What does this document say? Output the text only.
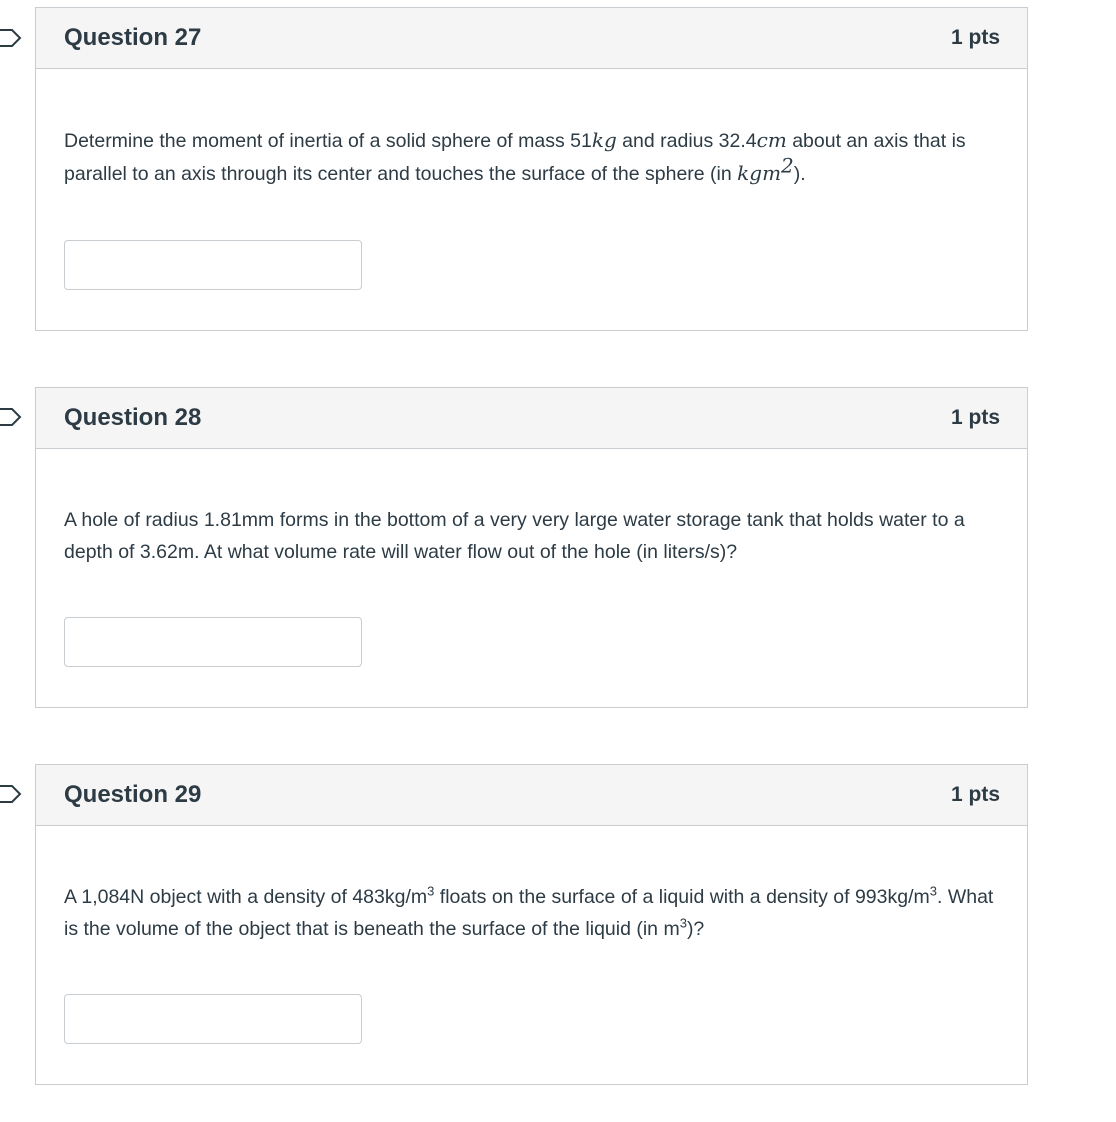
Question 27	1 pts

Determine the moment of inertia of a solid sphere of mass 51kg and radius 32.4cm about an axis that is parallel to an axis through its center and touches the surface of the sphere (in kgm$^2$).

Question 28	1 pts

A hole of radius 1.81mm forms in the bottom of a very very large water storage tank that holds water to a depth of 3.62m. At what volume rate will water flow out of the hole (in liters/s)?

Question 29	1 pts

A 1,084N object with a density of $483kg/m^3$ floats on the surface of a liquid with a density of $993kg/m^3$. What is the volume of the object that is beneath the surface of the liquid (in $m^3$)?
